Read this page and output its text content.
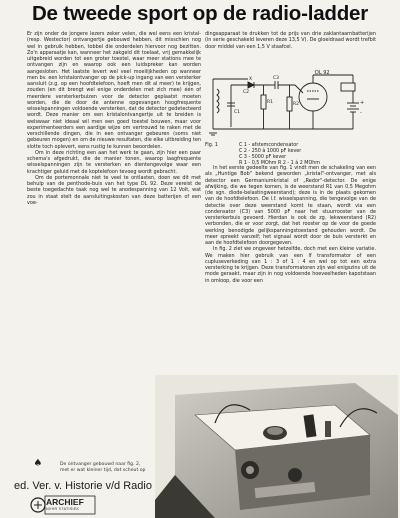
De tweede sport op de radio-ladder

Er zijn onder de jongere lezers zeker velen, die wel eens een kristal- (resp. Westector) ontvangertje gebouwd hebben, dit misschien nog wel in gebruik hebben, tobbel die onderdelen hiervoor nog bezitten. Zo'n apparaatje kan, wanneer het zakgeld dit toelaat, vrij gemakkelijk uitgebreid worden tot een groter toestel, waar meer stations mee te ontvangen zijn en waarop ook een luidspreker kan worden aangesloten. Het laatste levert wel veel moeilijkheden op wanneer men bv. een kristalontvanger op de pick-up ingang van een versterker aansluit (z.g. op een hoofdtelefoon, hoeft men dit al meer) te krijgen, zouden (en dit brengt wel enige onderdelen met zich mee) één of meerdere versterkerbuizen voor de detector geplaatst moeten worden, die de door de antenne opgevangen hoogfrequente wisselspanningen voldoende versterken, dat de detector gedetecteerd wordt. Deze manier om een kristalontvangertje uit te breiden is welswaar niet ideaal wil men een goed toestel bouwen, maar voor experimenteerders een aardige wijze om vertrouwd te raken met de verschillende dingen, die in een ontvanger gebeuren (soms niet gebeuren mogen) en om de nieuwe resultaten, die elke uitbreiding ten slotte toch oplevert, eens rustig te kunnen beoordelen.

Om in deze richting een aan het werk te gaan, zijn hier een paar schema's afgedrukt, die de manier tonen, waarop laagfrequente wisselspanningen zijn te versterken en dientengevolge waar een krachtiger geluid met de koptelefoon tevoeg wordt gebracht.

Om de portemonnale niet te veel te ontlasten, doen we dit met behulp van de penthode-buis van het type DL 92. Deze vereist de beste toegedachte taak nog wel te anodespanning van 12 Volt, wat zou in staat stelt de aansluitingskosten van deze batterijen of een voe-

dingsapparaat te drukken tot de prijs van drie zaklantaarnbatterijen (in serie geschakeld leveren deze 13,5 V). De gloeidraad wordt trefbit door middel van een 1,5 V staafcel.

DL 92
C1
C3
R1	R2
C2
X
+
-
Fig. 1	C 1 - afstemcondensator
C 2 - 250 à 1000 pF kever
C 3 - 5000 pF kever
R 1 - 0,5 MOhm R 2 - 1 à 2 MOhm

In het eerste gedeelte van fig. 1 vindt men de schakeling van een als „Huntige Bob" bekend geworden „kristal"-ontvanger, met als detector een Germaniumkristal of „Redor"-detector. De enige afwijking, die we tegen komen, is de weerstand R1 van 0,5 Megohm (de sgn. diode-belastingweerstand); deze is in de plaats gekomen van de hoofdtelefoon. De l.f. wisselspanning, die tengevolge van de detectie over deze weerstand komt te staan, wordt via een condensator (C3) van 5000 pF naar het stuurrooster van de versterkerbuis gevoerd. Hierdan is ook de zg. lekweerstand (R2) verbonden, die er voor zorgt, dat het rooster op de voor de goede werking benodigde gelijkspanningstoestand gehouden wordt. De meer spreekt vanzelf; het signaal wordt door de buis versterkt en aan de hoofdtelefoon doorgegeven.

In fig. 2 ziet we ongeveer hetzelfde, doch met een kleine variatie. We maken hier gebruik van een lf transformator of een cupluseverkeding van 1 : 3 of 1 : 4 en wel op tot een extra versterking te krijgen. Deze transformatoren zijn wel enigszins uit de mode geraakt, maar zijn in nog voldoende hoeveelheden kapotstaan in omloop, die voor een

♠	De ontvanger gebouwd naar fig. 2, met er wat kleiner tijd, dat scheut op
ed. Ver. v. Historie v/d Radio
ARCHIEF
NVHR STATISIEK
